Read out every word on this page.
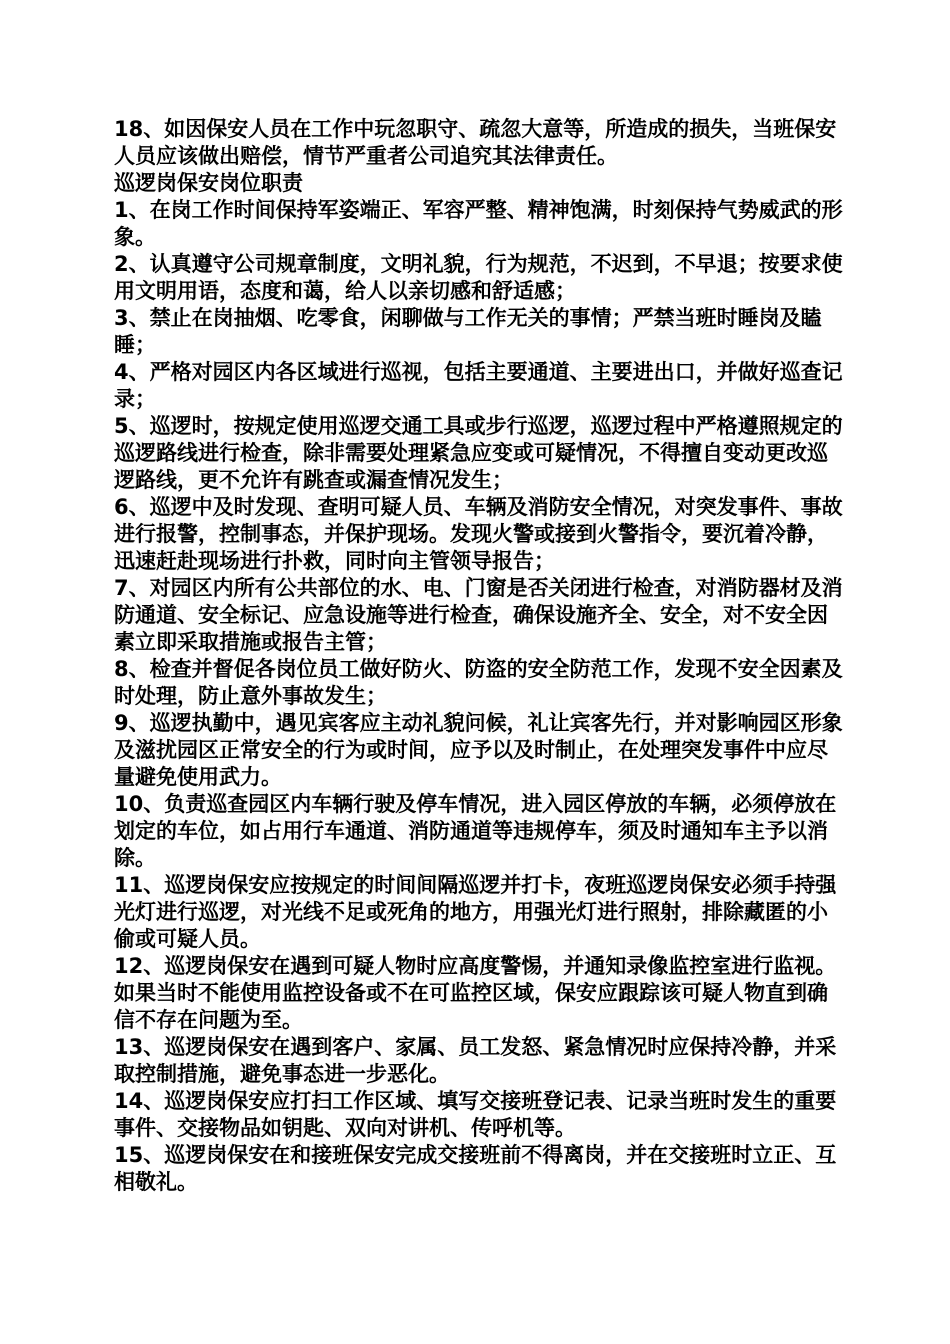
18、如因保安人员在工作中玩忽职守、疏忽大意等，所造成的损失，当班保安人员应该做出赔偿，情节严重者公司追究其法律责任。

巡逻岗保安岗位职责

1、在岗工作时间保持军姿端正、军容严整、精神饱满，时刻保持气势威武的形象。

2、认真遵守公司规章制度，文明礼貌，行为规范，不迟到，不早退；按要求使用文明用语，态度和蔼，给人以亲切感和舒适感；

3、禁止在岗抽烟、吃零食，闲聊做与工作无关的事情；严禁当班时睡岗及瞌睡；

4、严格对园区内各区域进行巡视，包括主要通道、主要进出口，并做好巡查记录；

5、巡逻时，按规定使用巡逻交通工具或步行巡逻，巡逻过程中严格遵照规定的巡逻路线进行检查，除非需要处理紧急应变或可疑情况，不得擅自变动更改巡逻路线，更不允许有跳查或漏查情况发生；

6、巡逻中及时发现、查明可疑人员、车辆及消防安全情况，对突发事件、事故进行报警，控制事态，并保护现场。发现火警或接到火警指令，要沉着冷静，迅速赶赴现场进行扑救，同时向主管领导报告；

7、对园区内所有公共部位的水、电、门窗是否关闭进行检查，对消防器材及消防通道、安全标记、应急设施等进行检查，确保设施齐全、安全，对不安全因素立即采取措施或报告主管；

8、检查并督促各岗位员工做好防火、防盗的安全防范工作，发现不安全因素及时处理，防止意外事故发生；

9、巡逻执勤中，遇见宾客应主动礼貌问候，礼让宾客先行，并对影响园区形象及滋扰园区正常安全的行为或时间，应予以及时制止，在处理突发事件中应尽量避免使用武力。

10、负责巡查园区内车辆行驶及停车情况，进入园区停放的车辆，必须停放在划定的车位，如占用行车通道、消防通道等违规停车，须及时通知车主予以消除。

11、巡逻岗保安应按规定的时间间隔巡逻并打卡，夜班巡逻岗保安必须手持强光灯进行巡逻，对光线不足或死角的地方，用强光灯进行照射，排除藏匿的小偷或可疑人员。

12、巡逻岗保安在遇到可疑人物时应高度警惕，并通知录像监控室进行监视。如果当时不能使用监控设备或不在可监控区域，保安应跟踪该可疑人物直到确信不存在问题为至。

13、巡逻岗保安在遇到客户、家属、员工发怒、紧急情况时应保持冷静，并采取控制措施，避免事态进一步恶化。

14、巡逻岗保安应打扫工作区域、填写交接班登记表、记录当班时发生的重要事件、交接物品如钥匙、双向对讲机、传呼机等。

15、巡逻岗保安在和接班保安完成交接班前不得离岗，并在交接班时立正、互相敬礼。
